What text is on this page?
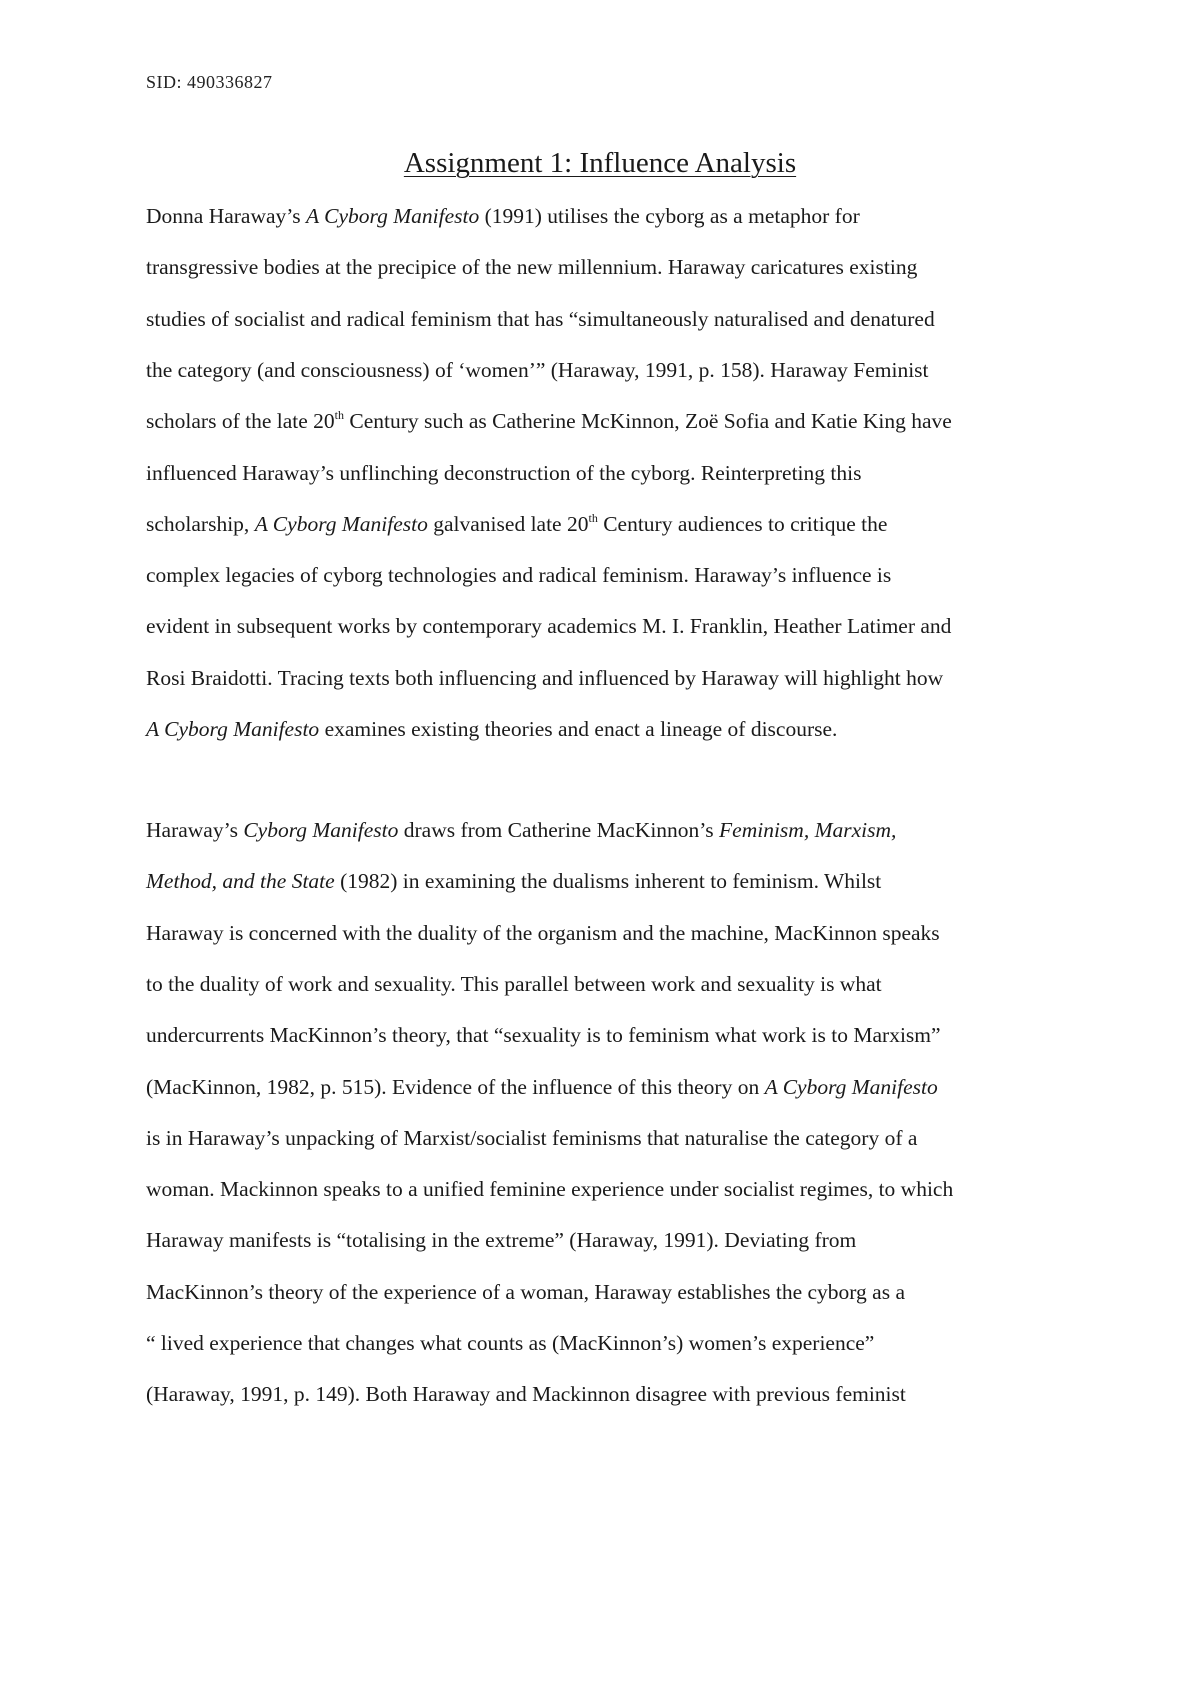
SID: 490336827
Assignment 1: Influence Analysis
Donna Haraway’s A Cyborg Manifesto (1991) utilises the cyborg as a metaphor for
transgressive bodies at the precipice of the new millennium. Haraway caricatures existing
studies of socialist and radical feminism that has “simultaneously naturalised and denatured
the category (and consciousness) of ‘women’” (Haraway, 1991, p. 158). Haraway Feminist
scholars of the late 20th Century such as Catherine McKinnon, Zoë Sofia and Katie King have
influenced Haraway’s unflinching deconstruction of the cyborg. Reinterpreting this
scholarship, A Cyborg Manifesto galvanised late 20th Century audiences to critique the
complex legacies of cyborg technologies and radical feminism. Haraway’s influence is
evident in subsequent works by contemporary academics M. I. Franklin, Heather Latimer and
Rosi Braidotti. Tracing texts both influencing and influenced by Haraway will highlight how
A Cyborg Manifesto examines existing theories and enact a lineage of discourse.
Haraway’s Cyborg Manifesto draws from Catherine MacKinnon’s Feminism, Marxism,
Method, and the State (1982) in examining the dualisms inherent to feminism. Whilst
Haraway is concerned with the duality of the organism and the machine, MacKinnon speaks
to the duality of work and sexuality. This parallel between work and sexuality is what
undercurrents MacKinnon’s theory, that “sexuality is to feminism what work is to Marxism”
(MacKinnon, 1982, p. 515). Evidence of the influence of this theory on A Cyborg Manifesto
is in Haraway’s unpacking of Marxist/socialist feminisms that naturalise the category of a
woman. Mackinnon speaks to a unified feminine experience under socialist regimes, to which
Haraway manifests is “totalising in the extreme” (Haraway, 1991). Deviating from
MacKinnon’s theory of the experience of a woman, Haraway establishes the cyborg as a
“ lived experience that changes what counts as (MacKinnon’s) women’s experience”
(Haraway, 1991, p. 149). Both Haraway and Mackinnon disagree with previous feminist
